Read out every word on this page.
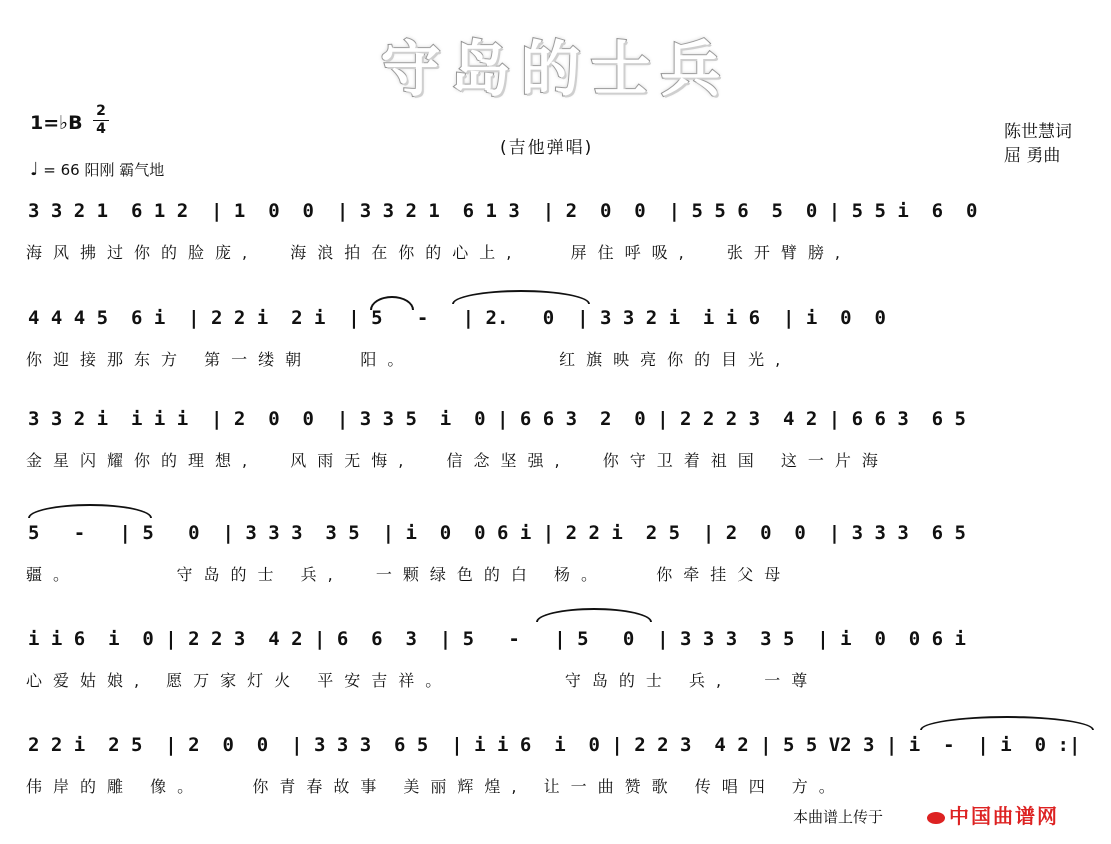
守岛的士兵
1=♭B
2
4
♩ = 66 阳刚 霸气地
(吉他弹唱)
陈世慧词
屈 勇曲
3 3 2 1  6 1 2  | 1  0  0  | 3 3 2 1  6 1 3  | 2  0  0  | 5 5 6  5  0 | 5 5 i  6  0
海风拂过你的脸庞,  海浪拍在你的心上,   屏住呼吸,  张开臂膀,
4 4 4 5  6 i  | 2 2 i  2 i  | 5   -   | 2.   0  | 3 3 2 i  i i 6  | i  0  0
你迎接那东方 第一缕朝   阳。         红旗映亮你的目光,
3 3 2 i  i i i  | 2  0  0  | 3 3 5  i  0 | 6 6 3  2  0 | 2 2 2 3  4 2 | 6 6 3  6 5
金星闪耀你的理想,  风雨无悔,  信念坚强,  你守卫着祖国 这一片海
5   -   | 5   0  | 3 3 3  3 5  | i  0  0 6 i | 2 2 i  2 5  | 2  0  0  | 3 3 3  6 5
疆。      守岛的士 兵,  一颗绿色的白 杨。   你牵挂父母
i i 6  i  0 | 2 2 3  4 2 | 6  6  3  | 5   -   | 5   0  | 3 3 3  3 5  | i  0  0 6 i
心爱姑娘, 愿万家灯火 平安吉祥。       守岛的士 兵,  一尊
2 2 i  2 5  | 2  0  0  | 3 3 3  6 5  | i i 6  i  0 | 2 2 3  4 2 | 5 5 V2 3 | i  -  | i  0 :|
伟岸的雕 像。   你青春故事 美丽辉煌, 让一曲赞歌 传唱四 方。
本曲谱上传于	中国曲谱网
